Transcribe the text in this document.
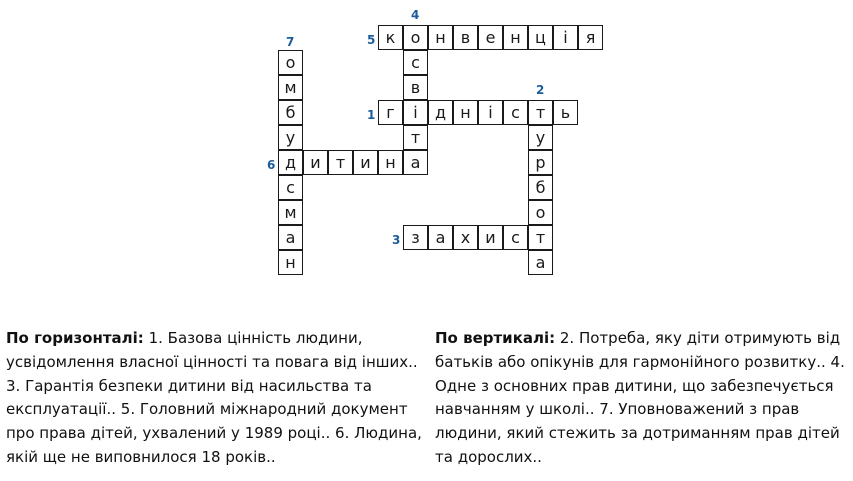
к о н в е н ц	і	я
5
с
в
і
т
а
4
о
м
б
у
д
с
м
а
н
7
г	д н	і	с т ь
1
у
р
б
о
т
а
2
и т и н
6
з а х и с
3
По горизонталі: 1. Базова цінність людини, усвідомлення власної цінності та повага від інших.. 3. Гарантія безпеки дитини від насильства та експлуатації.. 5. Головний міжнародний документ про права дітей, ухвалений у 1989 році.. 6. Людина, якій ще не виповнилося 18 років..
По вертикалі: 2. Потреба, яку діти отримують від батьків або опікунів для гармонійного розвитку.. 4. Одне з основних прав дитини, що забезпечується навчанням у школі.. 7. Уповноважений з прав людини, який стежить за дотриманням прав дітей та дорослих..
